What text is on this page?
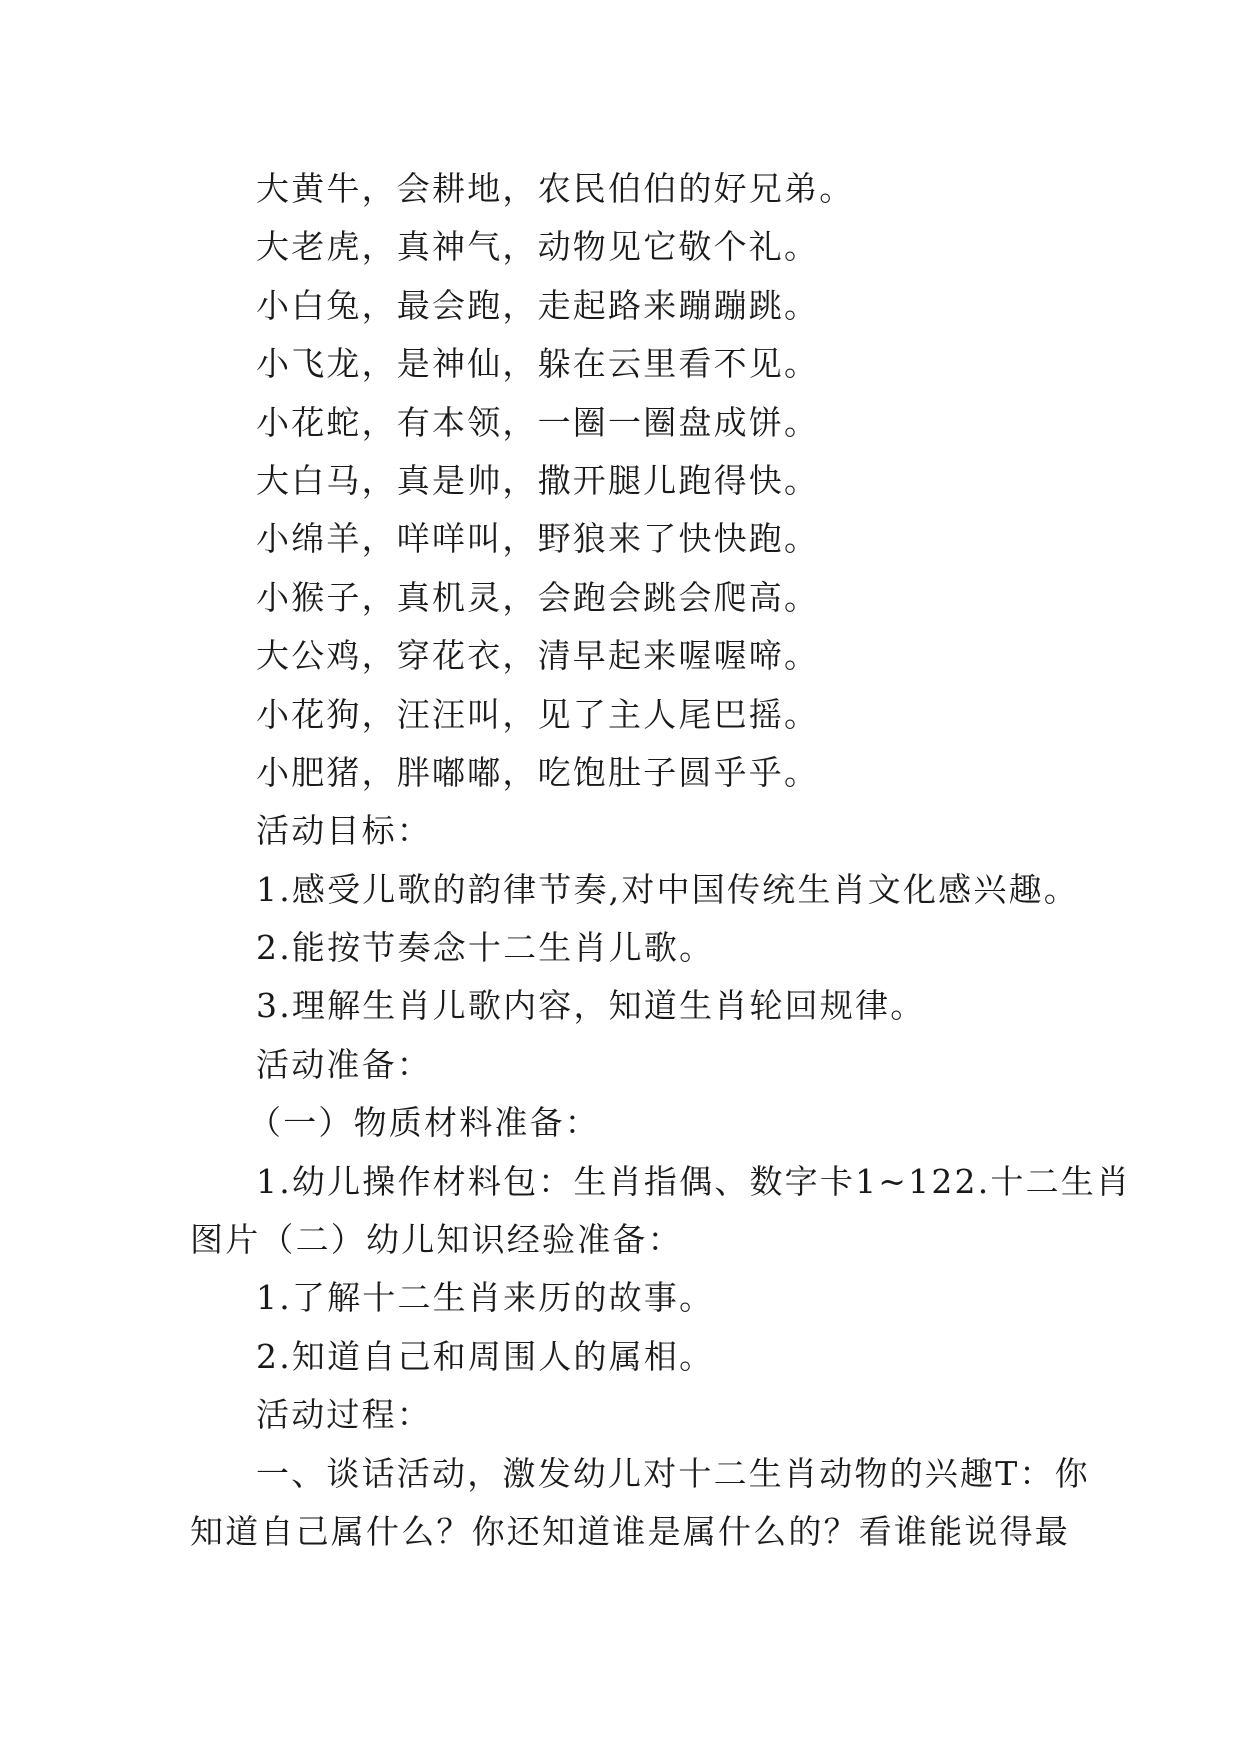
大黄牛，会耕地，农民伯伯的好兄弟。
大老虎，真神气，动物见它敬个礼。
小白兔，最会跑，走起路来蹦蹦跳。
小飞龙，是神仙，躲在云里看不见。
小花蛇，有本领，一圈一圈盘成饼。
大白马，真是帅，撒开腿儿跑得快。
小绵羊，咩咩叫，野狼来了快快跑。
小猴子，真机灵，会跑会跳会爬高。
大公鸡，穿花衣，清早起来喔喔啼。
小花狗，汪汪叫，见了主人尾巴摇。
小肥猪，胖嘟嘟，吃饱肚子圆乎乎。
活动目标：
1.感受儿歌的韵律节奏,对中国传统生肖文化感兴趣。
2.能按节奏念十二生肖儿歌。
3.理解生肖儿歌内容，知道生肖轮回规律。
活动准备：
（一）物质材料准备：
1.幼儿操作材料包：生肖指偶、数字卡1~122.十二生肖
图片（二）幼儿知识经验准备：
1.了解十二生肖来历的故事。
2.知道自己和周围人的属相。
活动过程：
一、谈话活动，激发幼儿对十二生肖动物的兴趣T：你
知道自己属什么？你还知道谁是属什么的？看谁能说得最
